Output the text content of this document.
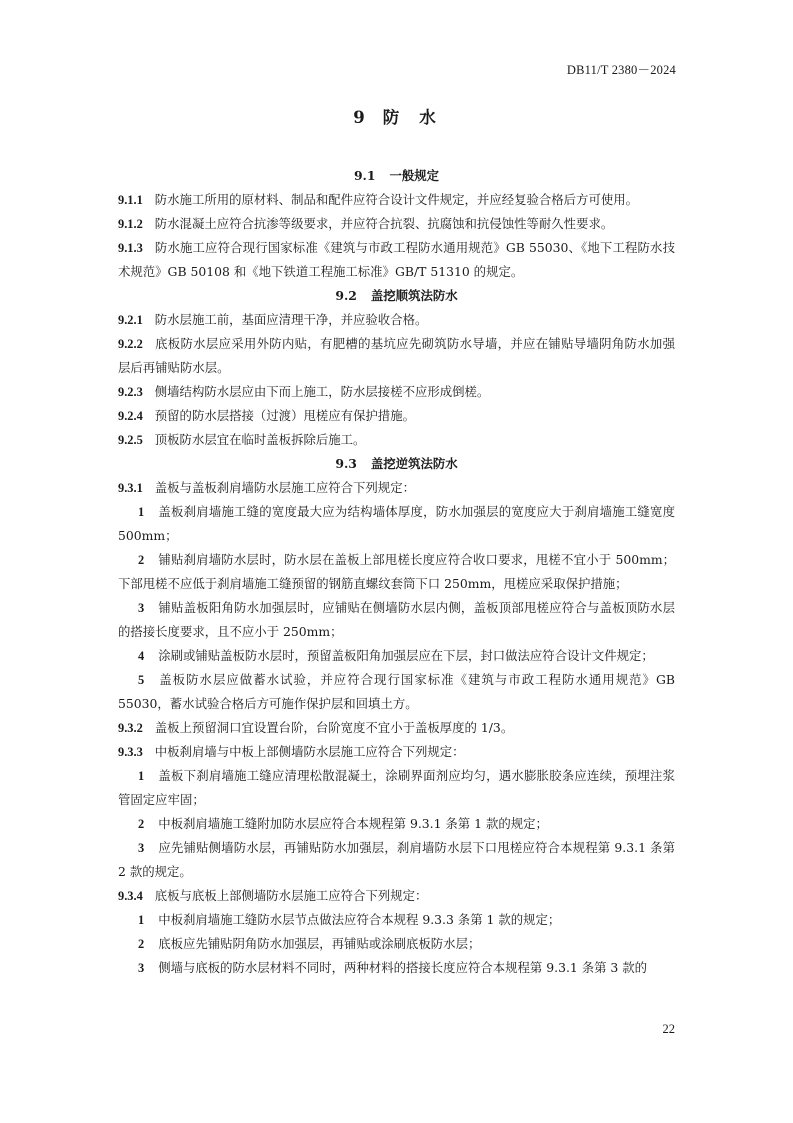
DB11/T 2380－2024
9 防 水
9.1 一般规定

9.1.1 防水施工所用的原材料、制品和配件应符合设计文件规定，并应经复验合格后方可使用。

9.1.2 防水混凝土应符合抗渗等级要求，并应符合抗裂、抗腐蚀和抗侵蚀性等耐久性要求。

9.1.3 防水施工应符合现行国家标准《建筑与市政工程防水通用规范》GB 55030、《地下工程防水技术规范》GB 50108 和《地下铁道工程施工标准》GB/T 51310 的规定。

9.2 盖挖顺筑法防水

9.2.1 防水层施工前，基面应清理干净，并应验收合格。

9.2.2 底板防水层应采用外防内贴，有肥槽的基坑应先砌筑防水导墙，并应在铺贴导墙阴角防水加强层后再铺贴防水层。

9.2.3 侧墙结构防水层应由下而上施工，防水层接槎不应形成倒槎。

9.2.4 预留的防水层搭接（过渡）甩槎应有保护措施。

9.2.5 顶板防水层宜在临时盖板拆除后施工。

9.3 盖挖逆筑法防水

9.3.1 盖板与盖板刹肩墙防水层施工应符合下列规定：

1 盖板刹肩墙施工缝的宽度最大应为结构墙体厚度，防水加强层的宽度应大于刹肩墙施工缝宽度 500mm；

2 铺贴刹肩墙防水层时，防水层在盖板上部甩槎长度应符合收口要求，甩槎不宜小于 500mm；下部甩槎不应低于刹肩墙施工缝预留的钢筋直螺纹套筒下口 250mm，甩槎应采取保护措施；

3 铺贴盖板阳角防水加强层时，应铺贴在侧墙防水层内侧，盖板顶部甩槎应符合与盖板顶防水层的搭接长度要求，且不应小于 250mm；

4 涂刷或铺贴盖板防水层时，预留盖板阳角加强层应在下层，封口做法应符合设计文件规定；

5 盖板防水层应做蓄水试验，并应符合现行国家标准《建筑与市政工程防水通用规范》GB 55030，蓄水试验合格后方可施作保护层和回填土方。

9.3.2 盖板上预留洞口宜设置台阶，台阶宽度不宜小于盖板厚度的 1/3。

9.3.3 中板刹肩墙与中板上部侧墙防水层施工应符合下列规定：

1 盖板下刹肩墙施工缝应清理松散混凝土，涂刷界面剂应均匀，遇水膨胀胶条应连续，预埋注浆管固定应牢固；

2 中板刹肩墙施工缝附加防水层应符合本规程第 9.3.1 条第 1 款的规定；

3 应先铺贴侧墙防水层，再铺贴防水加强层，刹肩墙防水层下口甩槎应符合本规程第 9.3.1 条第 2 款的规定。

9.3.4 底板与底板上部侧墙防水层施工应符合下列规定：

1 中板刹肩墙施工缝防水层节点做法应符合本规程 9.3.3 条第 1 款的规定；

2 底板应先铺贴阴角防水加强层，再铺贴或涂刷底板防水层；

3 侧墙与底板的防水层材料不同时，两种材料的搭接长度应符合本规程第 9.3.1 条第 3 款的

22
